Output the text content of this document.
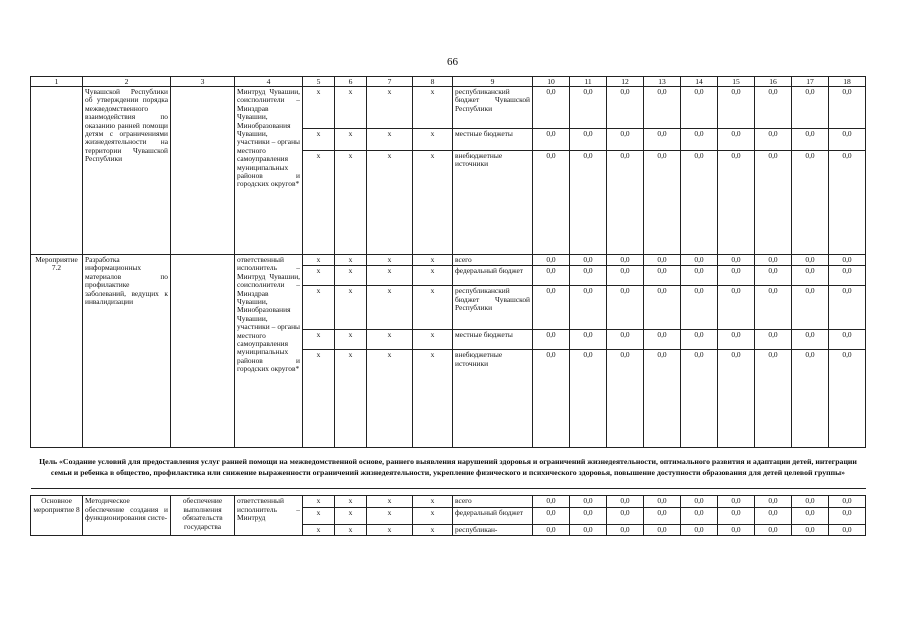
66
1	2	3	4	5	6	7	8	9	10	11	12	13	14	15	16	17	18
	Чувашской Республики об утверждении порядка межведомственного взаимодействия по оказанию ранней помощи детям с ограничениями жизнедеятельности на территории Чувашской Республики		Минтруд Чувашии, соисполнители – Минздрав Чувашии, Минобразования Чувашии, участники – органы местного самоуправления муниципальных районов и городских округов*	x	x	x	x	республиканский бюджет Чувашской Республики	0,0	0,0	0,0	0,0	0,0	0,0	0,0	0,0	0,0
				x	x	x	x	местные бюджеты	0,0	0,0	0,0	0,0	0,0	0,0	0,0	0,0	0,0
				x	x	x	x	внебюджетные источники	0,0	0,0	0,0	0,0	0,0	0,0	0,0	0,0	0,0
Мероприятие 7.2	Разработка информационных материалов по профилактике заболеваний, ведущих к инвалидизации		ответственный исполнитель – Минтруд Чувашии, соисполнители – Минздрав Чувашии, Минобразования Чувашии, участники – органы местного самоуправления муниципальных районов и городских округов*	x	x	x	x	всего	0,0	0,0	0,0	0,0	0,0	0,0	0,0	0,0	0,0
				x	x	x	x	федеральный бюджет	0,0	0,0	0,0	0,0	0,0	0,0	0,0	0,0	0,0
				x	x	x	x	республиканский бюджет Чувашской Республики	0,0	0,0	0,0	0,0	0,0	0,0	0,0	0,0	0,0
				x	x	x	x	местные бюджеты	0,0	0,0	0,0	0,0	0,0	0,0	0,0	0,0	0,0
				x	x	x	x	внебюджетные источники	0,0	0,0	0,0	0,0	0,0	0,0	0,0	0,0	0,0
Цель «Создание условий для предоставления услуг ранней помощи на межведомственной основе, раннего выявления нарушений здоровья и ограничений жизнедеятельности, оптимального развития и адаптации детей, интеграции семьи и ребенка в общество, профилактика или снижение выраженности ограничений жизнедеятельности, укрепление физического и психического здоровья, повышение доступности образования для детей целевой группы»																	

Основное мероприятие 8	Методическое обеспечение создания и функционирования систе-	обеспечение выполнения обязательств государства	ответственный исполнитель – Минтруд	x	x	x	x	всего	0,0	0,0	0,0	0,0	0,0	0,0	0,0	0,0	0,0
				x	x	x	x	федеральный бюджет	0,0	0,0	0,0	0,0	0,0	0,0	0,0	0,0	0,0
				x	x	x	x	республикан-	0,0	0,0	0,0	0,0	0,0	0,0	0,0	0,0	0,0
